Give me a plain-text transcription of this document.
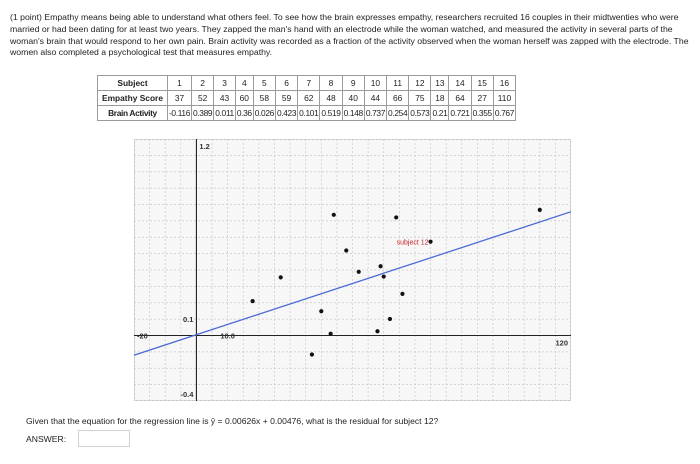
(1 point) Empathy means being able to understand what others feel. To see how the brain expresses empathy, researchers recruited 16 couples in their midtwenties who were married or had been dating for at least two years. They zapped the man's hand with an electrode while the woman watched, and measured the activity in several parts of the woman's brain that would respond to her own pain. Brain activity was recorded as a fraction of the activity observed when the woman herself was zapped with the electrode. The women also completed a psychological test that measures empathy.
Subject	1	2	3	4	5	6	7	8	9	10	11	12	13	14	15	16
Empathy Score	37	52	43	60	58	59	62	48	40	44	66	75	18	64	27	110
Brain Activity	-0.116	0.389	0.011	0.36	0.026	0.423	0.101	0.519	0.148	0.737	0.254	0.573	0.21	0.721	0.355	0.767
1.2
0.1
-0.4
-20	10.0
120
subject 12
Given that the equation for the regression line is ŷ = 0.00626x + 0.00476, what is the residual for subject 12?
ANSWER:
